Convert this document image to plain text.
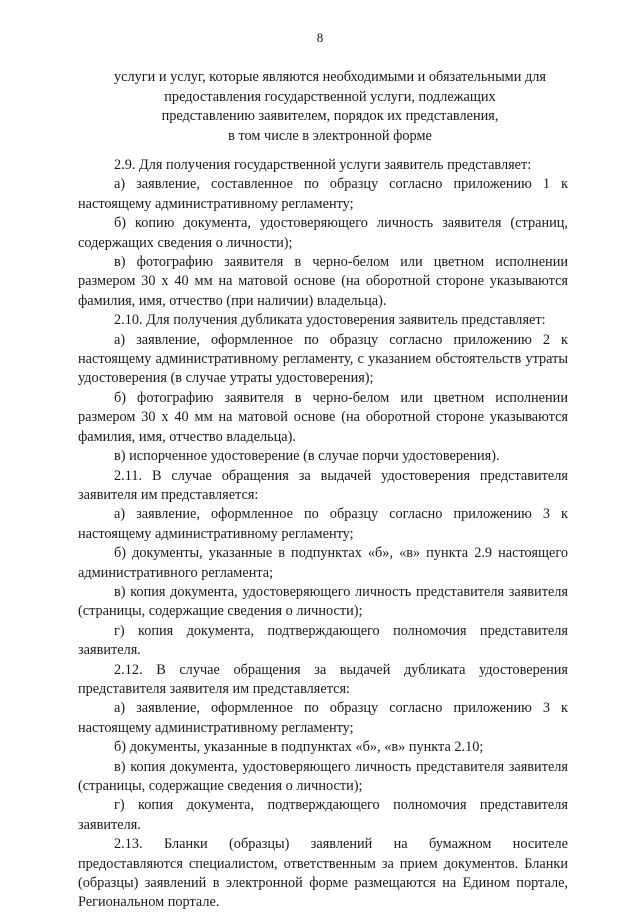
8
услуги и услуг, которые являются необходимыми и обязательными для
предоставления государственной услуги, подлежащих
представлению заявителем, порядок их представления,
в том числе в электронной форме

2.9. Для получения государственной услуги заявитель представляет:

а) заявление, составленное по образцу согласно приложению 1 к настоящему административному регламенту;

б) копию документа, удостоверяющего личность заявителя (страниц, содержащих сведения о личности);

в) фотографию заявителя в черно-белом или цветном исполнении размером 30 х 40 мм на матовой основе (на оборотной стороне указываются фамилия, имя, отчество (при наличии) владельца).

2.10. Для получения дубликата удостоверения заявитель представляет:

а) заявление, оформленное по образцу согласно приложению 2 к настоящему административному регламенту, с указанием обстоятельств утраты удостоверения (в случае утраты удостоверения);

б) фотографию заявителя в черно-белом или цветном исполнении размером 30 х 40 мм на матовой основе (на оборотной стороне указываются фамилия, имя, отчество владельца).

в) испорченное удостоверение (в случае порчи удостоверения).

2.11. В случае обращения за выдачей удостоверения представителя заявителя им представляется:

а) заявление, оформленное по образцу согласно приложению 3 к настоящему административному регламенту;

б) документы, указанные в подпунктах «б», «в» пункта 2.9 настоящего административного регламента;

в) копия документа, удостоверяющего личность представителя заявителя (страницы, содержащие сведения о личности);

г) копия документа, подтверждающего полномочия представителя заявителя.

2.12. В случае обращения за выдачей дубликата удостоверения представителя заявителя им представляется:

а) заявление, оформленное по образцу согласно приложению 3 к настоящему административному регламенту;

б) документы, указанные в подпунктах «б», «в» пункта 2.10;

в) копия документа, удостоверяющего личность представителя заявителя (страницы, содержащие сведения о личности);

г) копия документа, подтверждающего полномочия представителя заявителя.

2.13. Бланки (образцы) заявлений на бумажном носителе предоставляются специалистом, ответственным за прием документов. Бланки (образцы) заявлений в электронной форме размещаются на Едином портале, Региональном портале.
